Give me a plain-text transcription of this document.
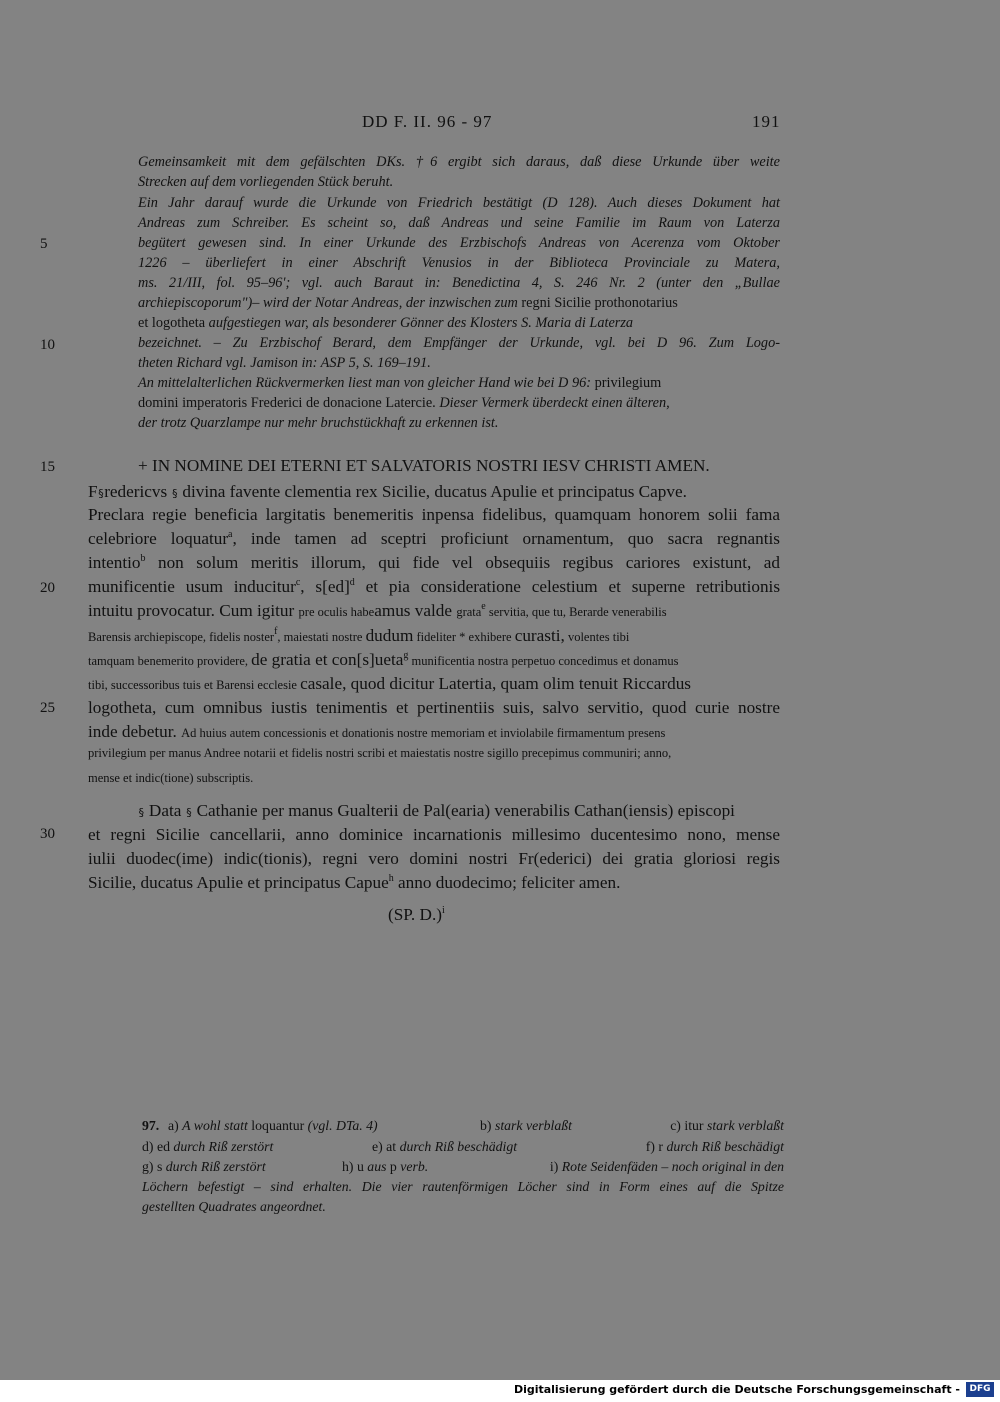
DD F. II. 96 - 97	191
Gemeinsamkeit mit dem gefälschten DKs. †6 ergibt sich daraus, daß diese Urkunde über weite
Strecken auf dem vorliegenden Stück beruht.
Ein Jahr darauf wurde die Urkunde von Friedrich bestätigt (D 128). Auch dieses Dokument hat
Andreas zum Schreiber. Es scheint so, daß Andreas und seine Familie im Raum von Laterza
begütert gewesen sind. In einer Urkunde des Erzbischofs Andreas von Acerenza vom Oktober
1226 – überliefert in einer Abschrift Venusios in der Biblioteca Provinciale zu Matera,
ms. 21/III, fol. 95–96'; vgl. auch Baraut in: Benedictina 4, S. 246 Nr. 2 (unter den „Bullae
archiepiscoporum")– wird der Notar Andreas, der inzwischen zum regni Sicilie prothonotarius
et logotheta aufgestiegen war, als besonderer Gönner des Klosters S. Maria di Laterza
bezeichnet. – Zu Erzbischof Berard, dem Empfänger der Urkunde, vgl. bei D 96. Zum Logo-
theten Richard vgl. Jamison in: ASP 5, S. 169–191.
An mittelalterlichen Rückvermerken liest man von gleicher Hand wie bei D 96: privilegium
domini imperatoris Frederici de donacione Latercie. Dieser Vermerk überdeckt einen älteren,
der trotz Quarzlampe nur mehr bruchstückhaft zu erkennen ist.
5
10
15
20
25
30
+ IN NOMINE DEI ETERNI ET SALVATORIS NOSTRI IESV CHRISTI AMEN.
F§redericvs § divina favente clementia rex Sicilie, ducatus Apulie et principatus Capve.
Preclara regie beneficia largitatis benemeritis inpensa fidelibus, quamquam honorem solii fama
celebriore loquatur$^a$, inde tamen ad sceptri proficiunt ornamentum, quo sacra regnantis
intentio$^b$ non solum meritis illorum, qui fide vel obsequiis regibus cariores existunt, ad
munificentie usum inducitur$^c$, s[ed]$^d$ et pia consideratione celestium et superne retributionis
intuitu provocatur. Cum igitur pre oculis habeamus valde grata$^e$ servitia, que tu, Berarde venerabilis
Barensis archiepiscope, fidelis noster$^f$, maiestati nostre dudum fideliter * exhibere curasti, volentes tibi
tamquam benemerito providere, de gratia et con[s]ueta$^g$ munificentia nostra perpetuo concedimus et donamus
tibi, successoribus tuis et Barensi ecclesie casale, quod dicitur Latertia, quam olim tenuit Riccardus
logotheta, cum omnibus iustis tenimentis et pertinentiis suis, salvo servitio, quod curie nostre
inde debetur. Ad huius autem concessionis et donationis nostre memoriam et inviolabile firmamentum presens
privilegium per manus Andree notarii et fidelis nostri scribi et maiestatis nostre sigillo precepimus communiri; anno,
mense et indic(tione) subscriptis.
§ Data § Cathanie per manus Gualterii de Pal(earia) venerabilis Cathan(iensis) episcopi
et regni Sicilie cancellarii, anno dominice incarnationis millesimo ducentesimo nono, mense
iulii duodec(ime) indic(tionis), regni vero domini nostri Fr(ederici) dei gratia gloriosi regis
Sicilie, ducatus Apulie et principatus Capue$^h$ anno duodecimo; feliciter amen.
(SP. D.)$^i$
97. a) A wohl statt loquantur (vgl. DTa. 4)	b) stark verblaßt	c) itur stark verblaßt
d) ed durch Riß zerstört	e) at durch Riß beschädigt	f) r durch Riß beschädigt
g) s durch Riß zerstört	h) u aus p verb.	i) Rote Seidenfäden – noch original in den
Löchern befestigt – sind erhalten. Die vier rautenförmigen Löcher sind in Form eines auf die Spitze
gestellten Quadrates angeordnet.
Digitalisierung gefördert durch die Deutsche Forschungsgemeinschaft -	DFG
